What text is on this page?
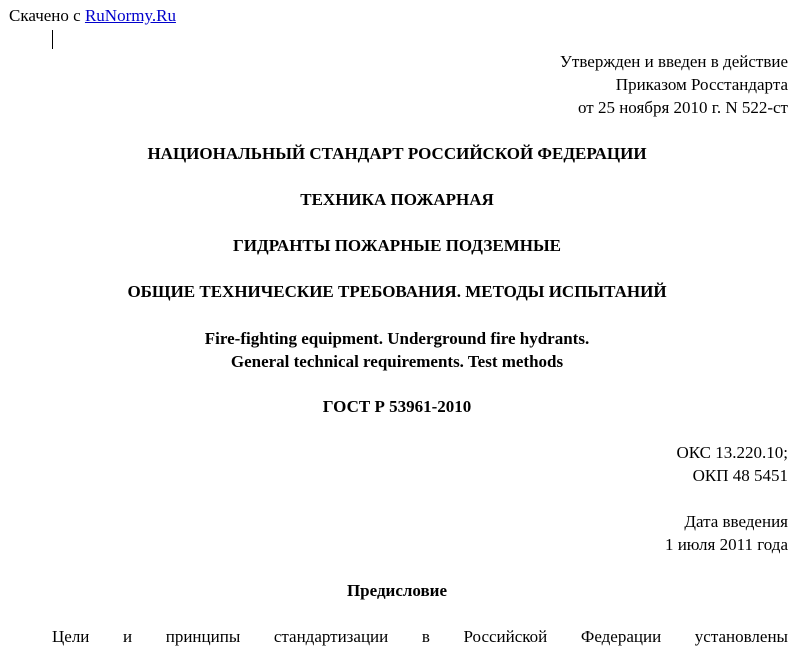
Скачено с RuNormy.Ru
Утвержден и введен в действие
Приказом Росстандарта
от 25 ноября 2010 г. N 522-ст
НАЦИОНАЛЬНЫЙ СТАНДАРТ РОССИЙСКОЙ ФЕДЕРАЦИИ
ТЕХНИКА ПОЖАРНАЯ
ГИДРАНТЫ ПОЖАРНЫЕ ПОДЗЕМНЫЕ
ОБЩИЕ ТЕХНИЧЕСКИЕ ТРЕБОВАНИЯ. МЕТОДЫ ИСПЫТАНИЙ
Fire-fighting equipment. Underground fire hydrants.
General technical requirements. Test methods
ГОСТ Р 53961-2010
ОКС 13.220.10;
ОКП 48 5451
Дата введения
1 июля 2011 года
Предисловие
Цели и принципы стандартизации в Российской Федерации установлены
